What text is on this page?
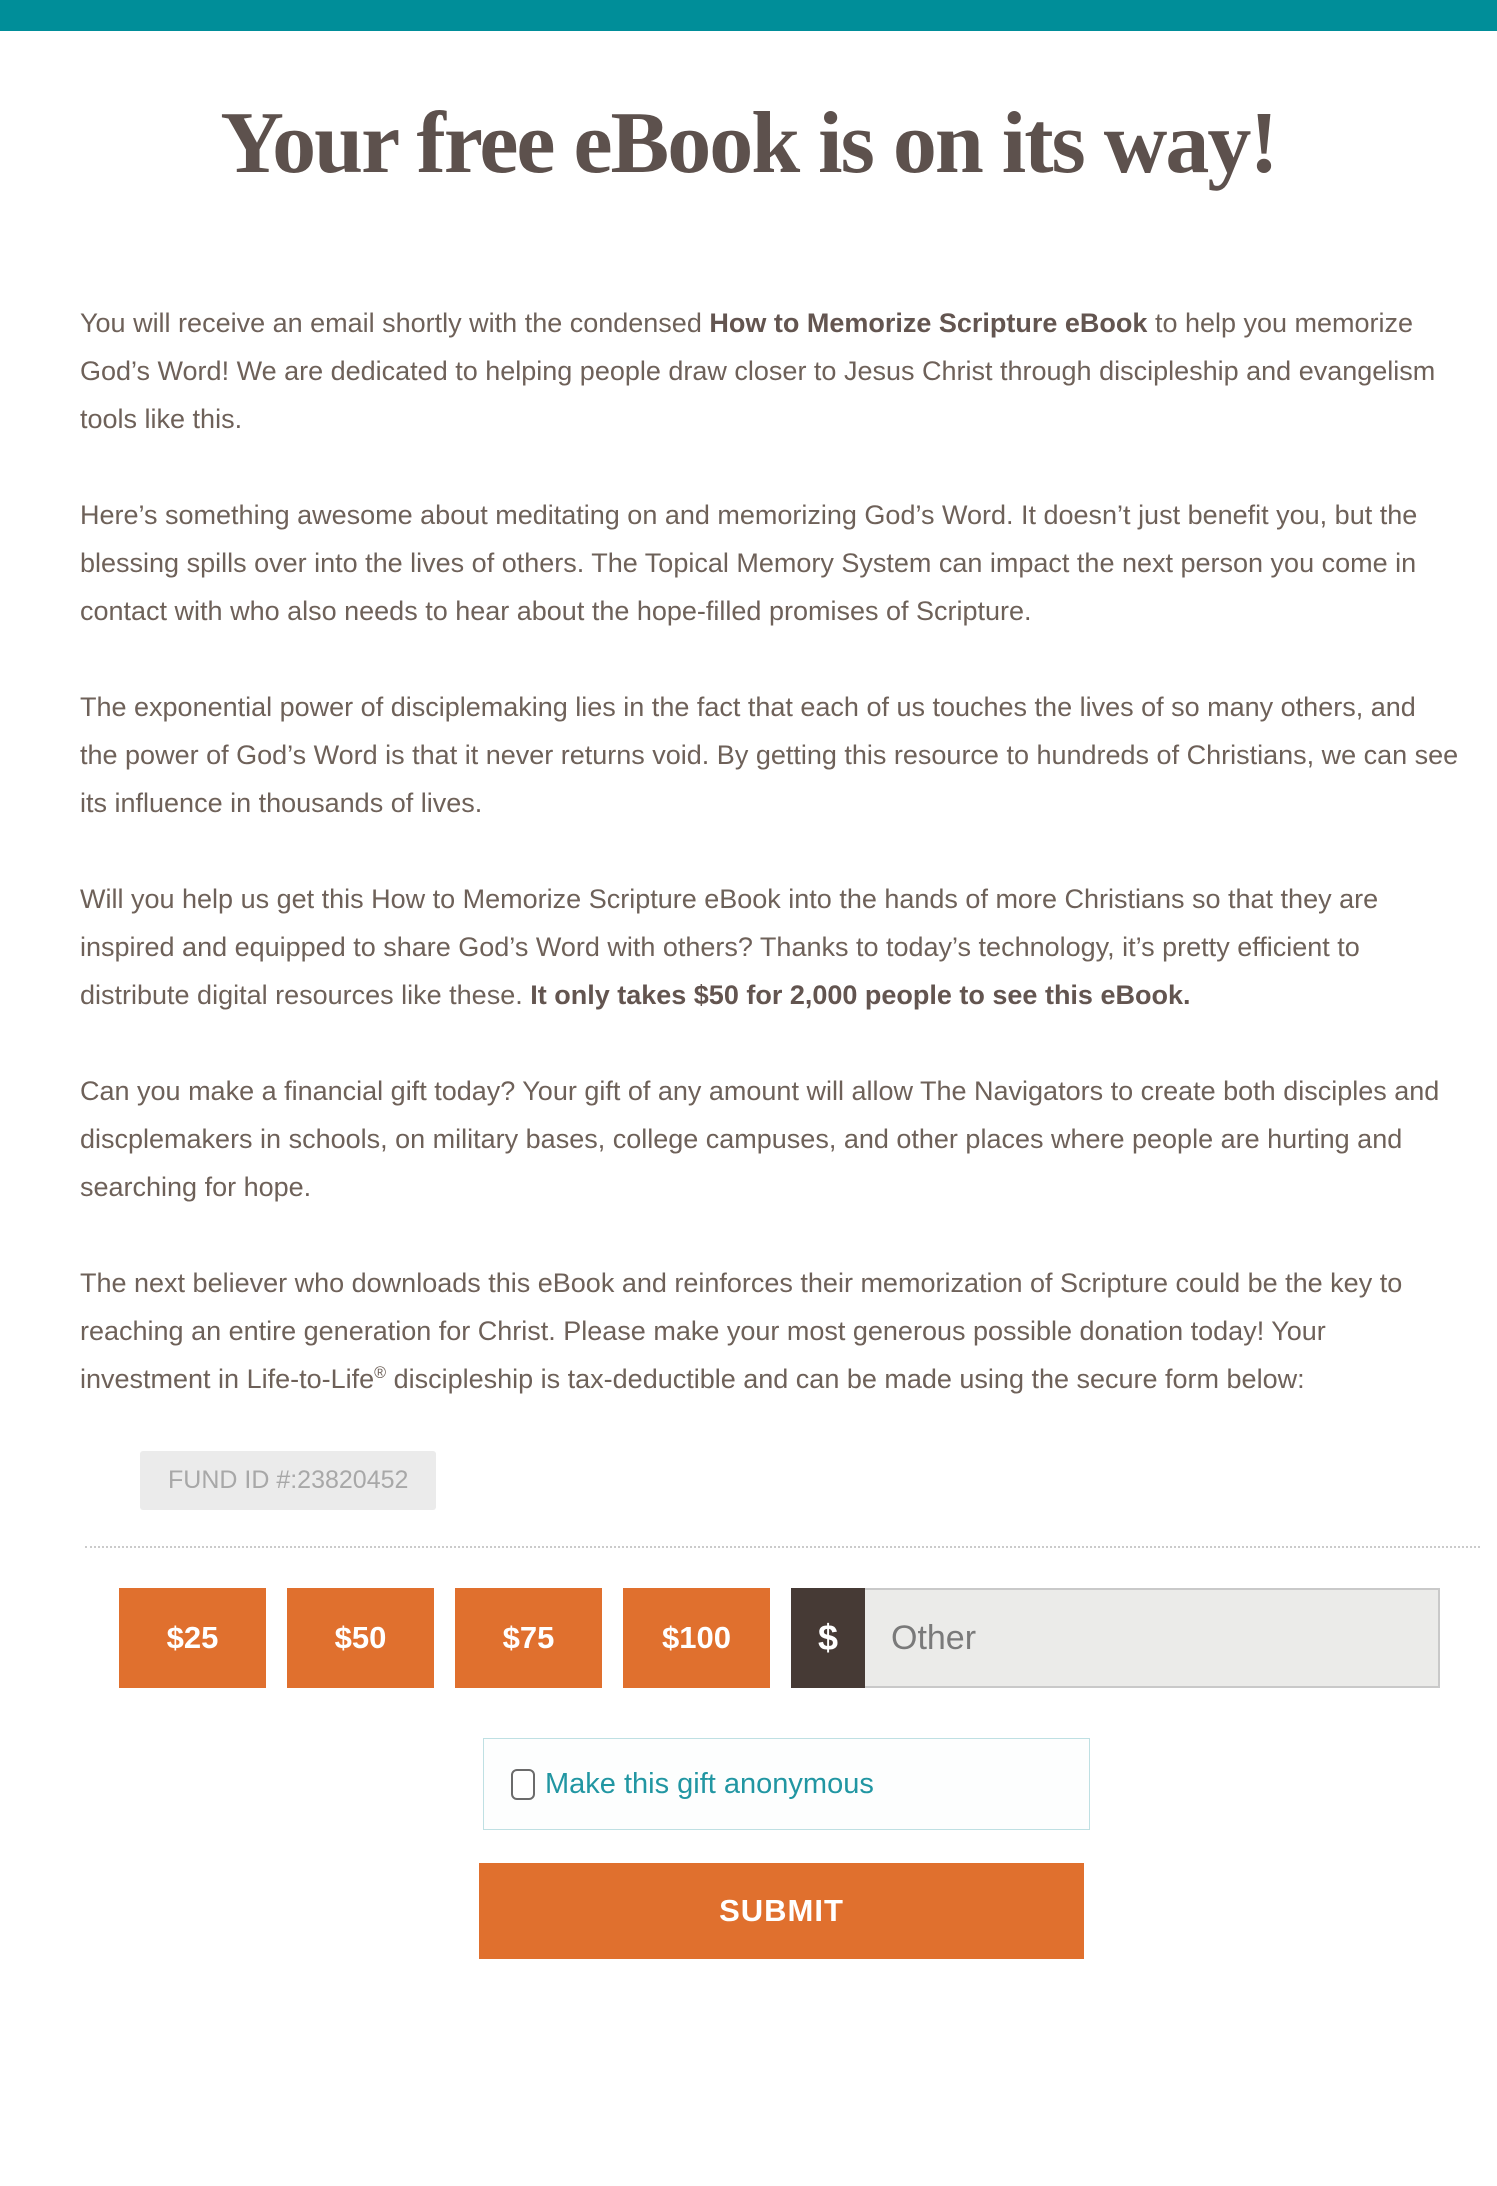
Your free eBook is on its way!

You will receive an email shortly with the condensed How to Memorize Scripture eBook to help you memorize God’s Word! We are dedicated to helping people draw closer to Jesus Christ through discipleship and evangelism tools like this.

Here’s something awesome about meditating on and memorizing God’s Word. It doesn’t just benefit you, but the blessing spills over into the lives of others. The Topical Memory System can impact the next person you come in contact with who also needs to hear about the hope-filled promises of Scripture.

The exponential power of disciplemaking lies in the fact that each of us touches the lives of so many others, and the power of God’s Word is that it never returns void. By getting this resource to hundreds of Christians, we can see its influence in thousands of lives.

Will you help us get this How to Memorize Scripture eBook into the hands of more Christians so that they are inspired and equipped to share God’s Word with others? Thanks to today’s technology, it’s pretty efficient to distribute digital resources like these. It only takes $50 for 2,000 people to see this eBook.

Can you make a financial gift today? Your gift of any amount will allow The Navigators to create both disciples and discplemakers in schools, on military bases, college campuses, and other places where people are hurting and searching for hope.

The next believer who downloads this eBook and reinforces their memorization of Scripture could be the key to reaching an entire generation for Christ. Please make your most generous possible donation today! Your investment in Life-to-Life® discipleship is tax-deductible and can be made using the secure form below:

FUND ID #:23820452
$25	$50	$75	$100	$
Other
Make this gift anonymous
SUBMIT
